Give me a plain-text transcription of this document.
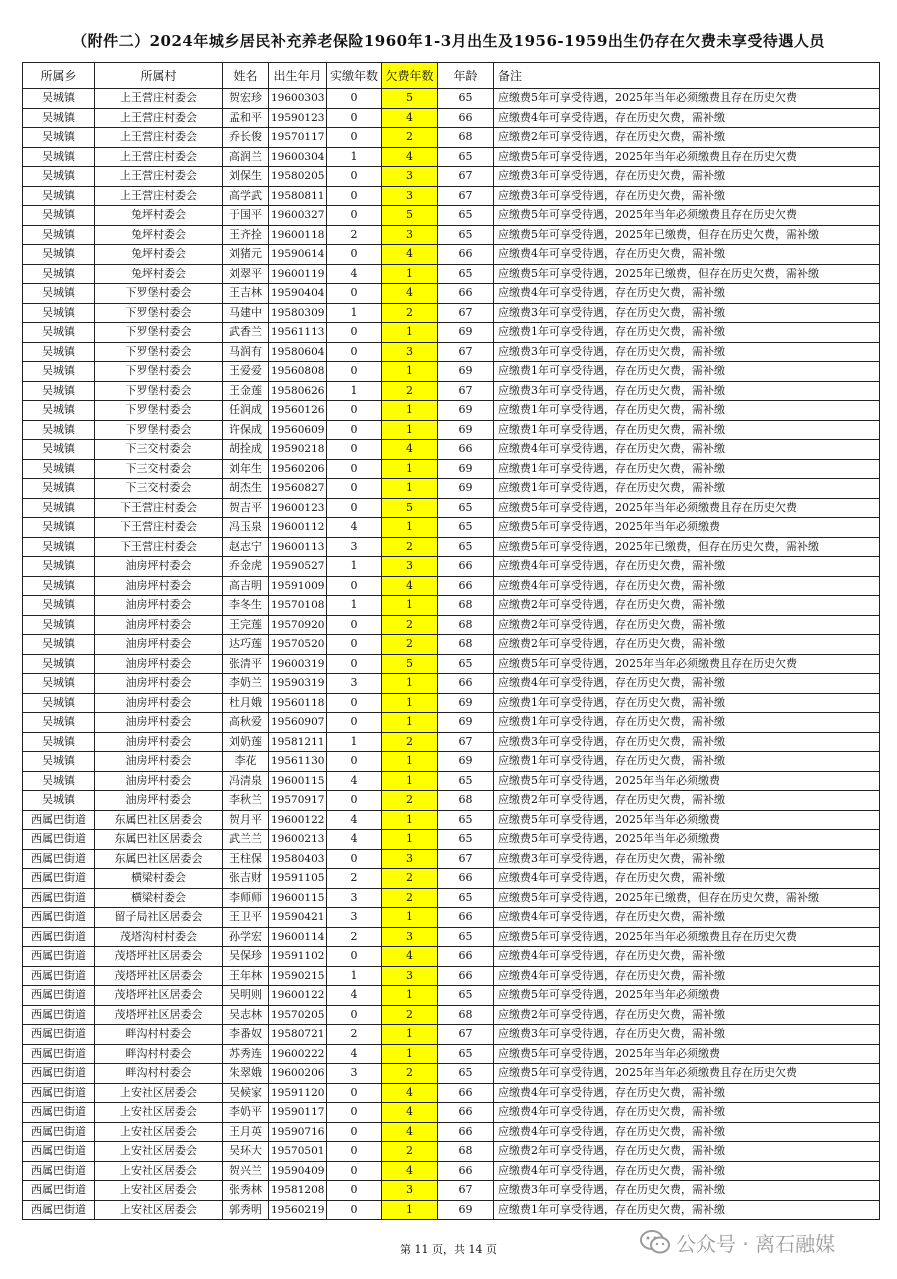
（附件二）2024年城乡居民补充养老保险1960年1-3月出生及1956-1959出生仍存在欠费未享受待遇人员
所属乡	所属村	姓名	出生年月	实缴年数	欠费年数	年龄	备注
吴城镇	上王营庄村委会	贺宏珍	19600303	0	5	65	应缴费5年可享受待遇，2025年当年必须缴费且存在历史欠费
吴城镇	上王营庄村委会	孟和平	19590123	0	4	66	应缴费4年可享受待遇，存在历史欠费，需补缴
吴城镇	上王营庄村委会	乔长俊	19570117	0	2	68	应缴费2年可享受待遇，存在历史欠费，需补缴
吴城镇	上王营庄村委会	高润兰	19600304	1	4	65	应缴费5年可享受待遇，2025年当年必须缴费且存在历史欠费
吴城镇	上王营庄村委会	刘保生	19580205	0	3	67	应缴费3年可享受待遇，存在历史欠费，需补缴
吴城镇	上王营庄村委会	高学武	19580811	0	3	67	应缴费3年可享受待遇，存在历史欠费，需补缴
吴城镇	兔坪村委会	于国平	19600327	0	5	65	应缴费5年可享受待遇，2025年当年必须缴费且存在历史欠费
吴城镇	兔坪村委会	王齐拴	19600118	2	3	65	应缴费5年可享受待遇，2025年已缴费，但存在历史欠费，需补缴
吴城镇	兔坪村委会	刘猪元	19590614	0	4	66	应缴费4年可享受待遇，存在历史欠费，需补缴
吴城镇	兔坪村委会	刘翠平	19600119	4	1	65	应缴费5年可享受待遇，2025年已缴费，但存在历史欠费，需补缴
吴城镇	下罗堡村委会	王吉林	19590404	0	4	66	应缴费4年可享受待遇，存在历史欠费，需补缴
吴城镇	下罗堡村委会	马建中	19580309	1	2	67	应缴费3年可享受待遇，存在历史欠费，需补缴
吴城镇	下罗堡村委会	武香兰	19561113	0	1	69	应缴费1年可享受待遇，存在历史欠费，需补缴
吴城镇	下罗堡村委会	马润有	19580604	0	3	67	应缴费3年可享受待遇，存在历史欠费，需补缴
吴城镇	下罗堡村委会	王爱爱	19560808	0	1	69	应缴费1年可享受待遇，存在历史欠费，需补缴
吴城镇	下罗堡村委会	王金莲	19580626	1	2	67	应缴费3年可享受待遇，存在历史欠费，需补缴
吴城镇	下罗堡村委会	任润成	19560126	0	1	69	应缴费1年可享受待遇，存在历史欠费，需补缴
吴城镇	下罗堡村委会	许保成	19560609	0	1	69	应缴费1年可享受待遇，存在历史欠费，需补缴
吴城镇	下三交村委会	胡拴成	19590218	0	4	66	应缴费4年可享受待遇，存在历史欠费，需补缴
吴城镇	下三交村委会	刘年生	19560206	0	1	69	应缴费1年可享受待遇，存在历史欠费，需补缴
吴城镇	下三交村委会	胡杰生	19560827	0	1	69	应缴费1年可享受待遇，存在历史欠费，需补缴
吴城镇	下王营庄村委会	贺吉平	19600123	0	5	65	应缴费5年可享受待遇，2025年当年必须缴费且存在历史欠费
吴城镇	下王营庄村委会	冯玉泉	19600112	4	1	65	应缴费5年可享受待遇，2025年当年必须缴费
吴城镇	下王营庄村委会	赵志宁	19600113	3	2	65	应缴费5年可享受待遇，2025年已缴费，但存在历史欠费，需补缴
吴城镇	油房坪村委会	乔金虎	19590527	1	3	66	应缴费4年可享受待遇，存在历史欠费，需补缴
吴城镇	油房坪村委会	高吉明	19591009	0	4	66	应缴费4年可享受待遇，存在历史欠费，需补缴
吴城镇	油房坪村委会	李冬生	19570108	1	1	68	应缴费2年可享受待遇，存在历史欠费，需补缴
吴城镇	油房坪村委会	王完莲	19570920	0	2	68	应缴费2年可享受待遇，存在历史欠费，需补缴
吴城镇	油房坪村委会	达巧莲	19570520	0	2	68	应缴费2年可享受待遇，存在历史欠费，需补缴
吴城镇	油房坪村委会	张清平	19600319	0	5	65	应缴费5年可享受待遇，2025年当年必须缴费且存在历史欠费
吴城镇	油房坪村委会	李奶兰	19590319	3	1	66	应缴费4年可享受待遇，存在历史欠费，需补缴
吴城镇	油房坪村委会	杜月娥	19560118	0	1	69	应缴费1年可享受待遇，存在历史欠费，需补缴
吴城镇	油房坪村委会	高秋爱	19560907	0	1	69	应缴费1年可享受待遇，存在历史欠费，需补缴
吴城镇	油房坪村委会	刘奶莲	19581211	1	2	67	应缴费3年可享受待遇，存在历史欠费，需补缴
吴城镇	油房坪村委会	李花	19561130	0	1	69	应缴费1年可享受待遇，存在历史欠费，需补缴
吴城镇	油房坪村委会	冯清泉	19600115	4	1	65	应缴费5年可享受待遇，2025年当年必须缴费
吴城镇	油房坪村委会	李秋兰	19570917	0	2	68	应缴费2年可享受待遇，存在历史欠费，需补缴
西属巴街道	东属巴社区居委会	贺月平	19600122	4	1	65	应缴费5年可享受待遇，2025年当年必须缴费
西属巴街道	东属巴社区居委会	武兰兰	19600213	4	1	65	应缴费5年可享受待遇，2025年当年必须缴费
西属巴街道	东属巴社区居委会	王柱保	19580403	0	3	67	应缴费3年可享受待遇，存在历史欠费，需补缴
西属巴街道	横梁村委会	张吉财	19591105	2	2	66	应缴费4年可享受待遇，存在历史欠费，需补缴
西属巴街道	横梁村委会	李师师	19600115	3	2	65	应缴费5年可享受待遇，2025年已缴费，但存在历史欠费，需补缴
西属巴街道	留子局社区居委会	王卫平	19590421	3	1	66	应缴费4年可享受待遇，存在历史欠费，需补缴
西属巴街道	茂塔沟村村委会	孙学宏	19600114	2	3	65	应缴费5年可享受待遇，2025年当年必须缴费且存在历史欠费
西属巴街道	茂塔坪社区居委会	吴保珍	19591102	0	4	66	应缴费4年可享受待遇，存在历史欠费，需补缴
西属巴街道	茂塔坪社区居委会	王年林	19590215	1	3	66	应缴费4年可享受待遇，存在历史欠费，需补缴
西属巴街道	茂塔坪社区居委会	吴明则	19600122	4	1	65	应缴费5年可享受待遇，2025年当年必须缴费
西属巴街道	茂塔坪社区居委会	吴志林	19570205	0	2	68	应缴费2年可享受待遇，存在历史欠费，需补缴
西属巴街道	畔沟村村委会	李番奴	19580721	2	1	67	应缴费3年可享受待遇，存在历史欠费，需补缴
西属巴街道	畔沟村村委会	苏秀连	19600222	4	1	65	应缴费5年可享受待遇，2025年当年必须缴费
西属巴街道	畔沟村村委会	朱翠娥	19600206	3	2	65	应缴费5年可享受待遇，2025年当年必须缴费且存在历史欠费
西属巴街道	上安社区居委会	吴候家	19591120	0	4	66	应缴费4年可享受待遇，存在历史欠费，需补缴
西属巴街道	上安社区居委会	李奶平	19590117	0	4	66	应缴费4年可享受待遇，存在历史欠费，需补缴
西属巴街道	上安社区居委会	王月英	19590716	0	4	66	应缴费4年可享受待遇，存在历史欠费，需补缴
西属巴街道	上安社区居委会	吴环大	19570501	0	2	68	应缴费2年可享受待遇，存在历史欠费，需补缴
西属巴街道	上安社区居委会	贺兴兰	19590409	0	4	66	应缴费4年可享受待遇，存在历史欠费，需补缴
西属巴街道	上安社区居委会	张秀林	19581208	0	3	67	应缴费3年可享受待遇，存在历史欠费，需补缴
西属巴街道	上安社区居委会	郭秀明	19560219	0	1	69	应缴费1年可享受待遇，存在历史欠费，需补缴
第 11 页，共 14 页	公众号 · 离石融媒
